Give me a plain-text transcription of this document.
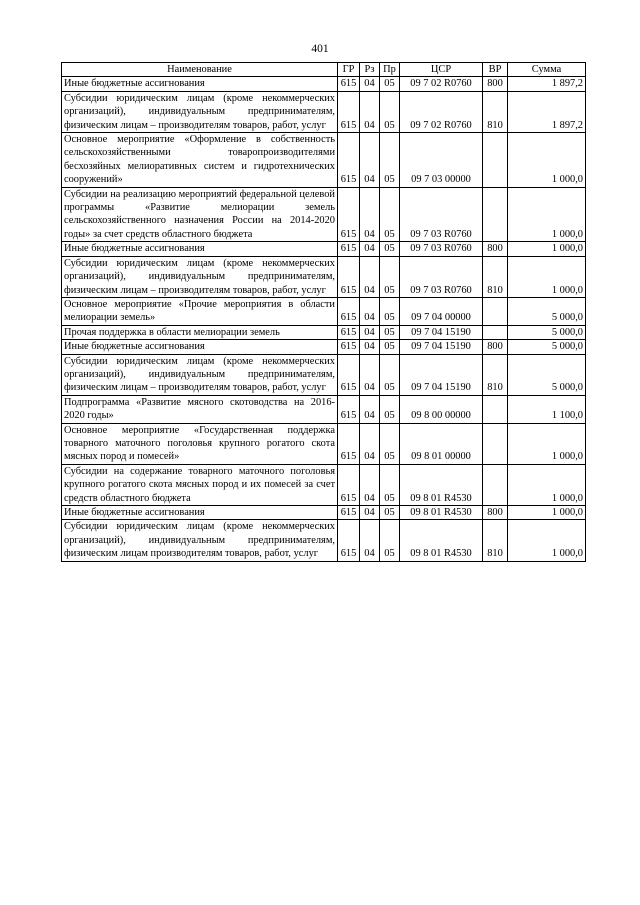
401
Наименование	ГР	Рз	Пр	ЦСР	ВР	Сумма
Иные бюджетные ассигнования	615	04	05	09 7 02 R0760	800	1 897,2
Субсидии юридическим лицам (кроме некоммерческих организаций), индивидуальным предпринимателям, физическим лицам – производителям товаров, работ, услуг	615	04	05	09 7 02 R0760	810	1 897,2
Основное мероприятие «Оформление в собственность сельскохозяйственными товаропроизводителями бесхозяйных мелиоративных систем и гидротехнических сооружений»	615	04	05	09 7 03 00000		1 000,0
Субсидии на реализацию мероприятий федеральной целевой программы «Развитие мелиорации земель сельскохозяйственного назначения России на 2014-2020 годы» за счет средств областного бюджета	615	04	05	09 7 03 R0760		1 000,0
Иные бюджетные ассигнования	615	04	05	09 7 03 R0760	800	1 000,0
Субсидии юридическим лицам (кроме некоммерческих организаций), индивидуальным предпринимателям, физическим лицам – производителям товаров, работ, услуг	615	04	05	09 7 03 R0760	810	1 000,0
Основное мероприятие «Прочие мероприятия в области мелиорации земель»	615	04	05	09 7 04 00000		5 000,0
Прочая поддержка в области мелиорации земель	615	04	05	09 7 04 15190		5 000,0
Иные бюджетные ассигнования	615	04	05	09 7 04 15190	800	5 000,0
Субсидии юридическим лицам (кроме некоммерческих организаций), индивидуальным предпринимателям, физическим лицам – производителям товаров, работ, услуг	615	04	05	09 7 04 15190	810	5 000,0
Подпрограмма «Развитие мясного скотоводства на 2016-2020 годы»	615	04	05	09 8 00 00000		1 100,0
Основное мероприятие «Государственная поддержка товарного маточного поголовья крупного рогатого скота мясных пород и помесей»	615	04	05	09 8 01 00000		1 000,0
Субсидии на содержание товарного маточного поголовья крупного рогатого скота мясных пород и их помесей за счет средств областного бюджета	615	04	05	09 8 01 R4530		1 000,0
Иные бюджетные ассигнования	615	04	05	09 8 01 R4530	800	1 000,0
Субсидии юридическим лицам (кроме некоммерческих организаций), индивидуальным предпринимателям, физическим лицам производителям товаров, работ, услуг	615	04	05	09 8 01 R4530	810	1 000,0
